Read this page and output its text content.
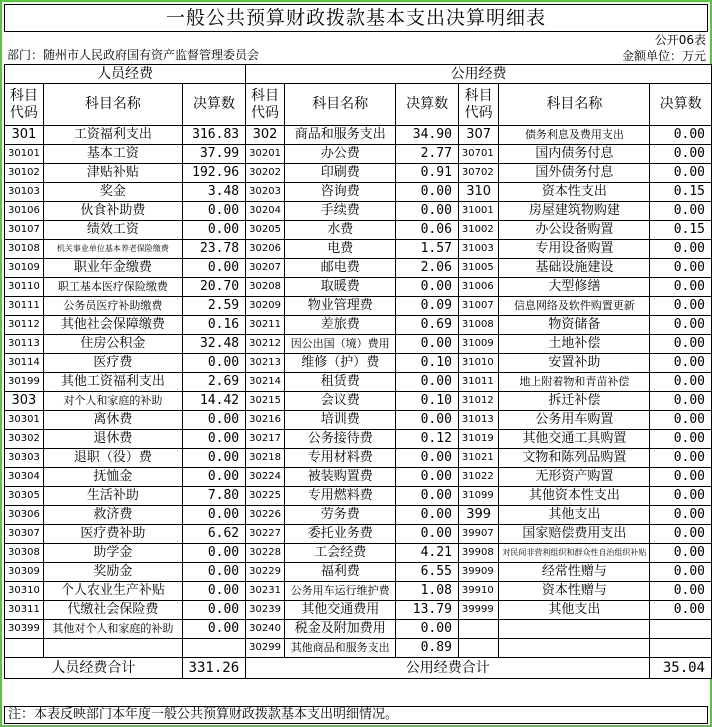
一般公共预算财政拨款基本支出决算明细表
公开06表
部门：随州市人民政府国有资产监督管理委员会	金额单位：万元
人员经费			公用经费					
科目代码	科目名称	决算数	科目代码	科目名称	决算数	科目代码	科目名称	决算数
301	工资福利支出	316.83	302	商品和服务支出	34.90	307	债务利息及费用支出	0.00
30101	基本工资	37.99	30201	办公费	2.77	30701	国内债务付息	0.00
30102	津贴补贴	192.96	30202	印刷费	0.91	30702	国外债务付息	0.00
30103	奖金	3.48	30203	咨询费	0.00	310	资本性支出	0.15
30106	伙食补助费	0.00	30204	手续费	0.00	31001	房屋建筑物购建	0.00
30107	绩效工资	0.00	30205	水费	0.06	31002	办公设备购置	0.15
30108	机关事业单位基本养老保险缴费	23.78	30206	电费	1.57	31003	专用设备购置	0.00
30109	职业年金缴费	0.00	30207	邮电费	2.06	31005	基础设施建设	0.00
30110	职工基本医疗保险缴费	20.70	30208	取暖费	0.00	31006	大型修缮	0.00
30111	公务员医疗补助缴费	2.59	30209	物业管理费	0.09	31007	信息网络及软件购置更新	0.00
30112	其他社会保障缴费	0.16	30211	差旅费	0.69	31008	物资储备	0.00
30113	住房公积金	32.48	30212	因公出国（境）费用	0.00	31009	土地补偿	0.00
30114	医疗费	0.00	30213	维修（护）费	0.10	31010	安置补助	0.00
30199	其他工资福利支出	2.69	30214	租赁费	0.00	31011	地上附着物和青苗补偿	0.00
303	对个人和家庭的补助	14.42	30215	会议费	0.10	31012	拆迁补偿	0.00
30301	离休费	0.00	30216	培训费	0.00	31013	公务用车购置	0.00
30302	退休费	0.00	30217	公务接待费	0.12	31019	其他交通工具购置	0.00
30303	退职（役）费	0.00	30218	专用材料费	0.00	31021	文物和陈列品购置	0.00
30304	抚恤金	0.00	30224	被装购置费	0.00	31022	无形资产购置	0.00
30305	生活补助	7.80	30225	专用燃料费	0.00	31099	其他资本性支出	0.00
30306	救济费	0.00	30226	劳务费	0.00	399	其他支出	0.00
30307	医疗费补助	6.62	30227	委托业务费	0.00	39907	国家赔偿费用支出	0.00
30308	助学金	0.00	30228	工会经费	4.21	39908	对民间非营利组织和群众性自治组织补贴	0.00
30309	奖励金	0.00	30229	福利费	6.55	39909	经常性赠与	0.00
30310	个人农业生产补贴	0.00	30231	公务用车运行维护费	1.08	39910	资本性赠与	0.00
30311	代缴社会保险费	0.00	30239	其他交通费用	13.79	39999	其他支出	0.00
30399	其他对个人和家庭的补助	0.00	30240	税金及附加费用	0.00			
			30299	其他商品和服务支出	0.89			
人员经费合计		331.26	公用经费合计					35.04
注：本表反映部门本年度一般公共预算财政拨款基本支出明细情况。
